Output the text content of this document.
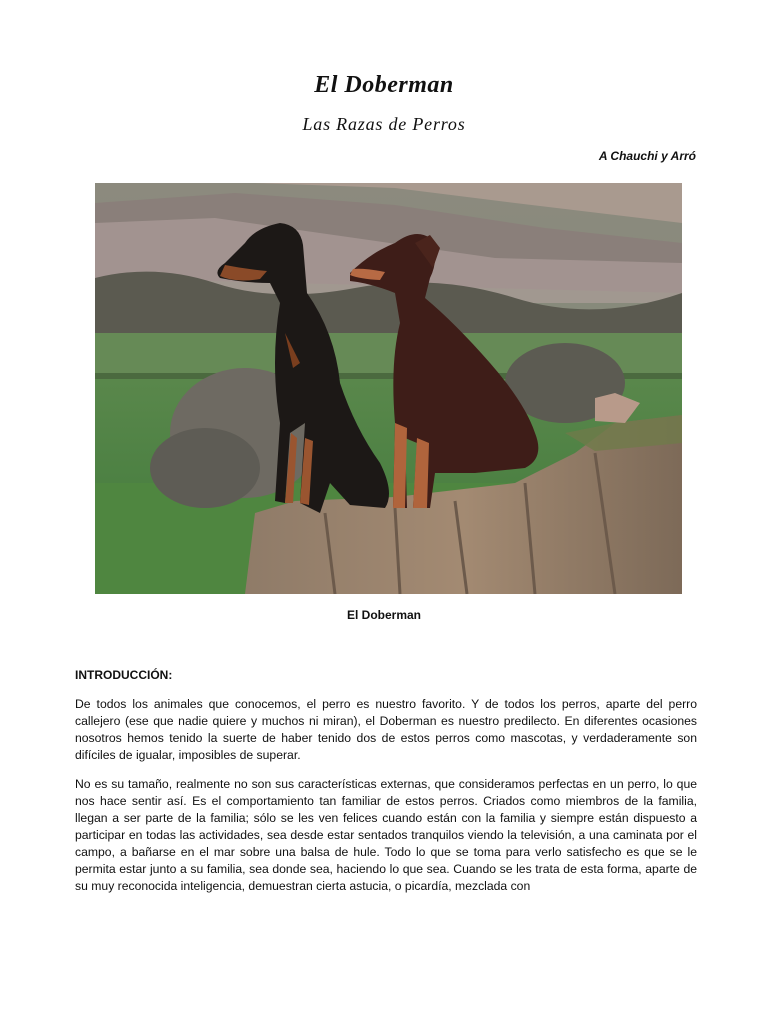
El Doberman
Las Razas de Perros
A Chauchi y Arró
El Doberman
INTRODUCCIÓN:

De todos los animales que conocemos, el perro es nuestro favorito. Y de todos los perros, aparte del perro callejero (ese que nadie quiere y muchos ni miran), el Doberman es nuestro predilecto. En diferentes ocasiones nosotros hemos tenido la suerte de haber tenido dos de estos perros como mascotas, y verdaderamente son difíciles de igualar, imposibles de superar.

No es su tamaño, realmente no son sus características externas, que consideramos perfectas en un perro, lo que nos hace sentir así. Es el comportamiento tan familiar de estos perros. Criados como miembros de la familia, llegan a ser parte de la familia; sólo se les ven felices cuando están con la familia y siempre están dispuesto a participar en todas las actividades, sea desde estar sentados tranquilos viendo la televisión, a una caminata por el campo, a bañarse en el mar sobre una balsa de hule. Todo lo que se toma para verlo satisfecho es que se le permita estar junto a su familia, sea donde sea, haciendo lo que sea. Cuando se les trata de esta forma, aparte de su muy reconocida inteligencia, demuestran cierta astucia, o picardía, mezclada con
